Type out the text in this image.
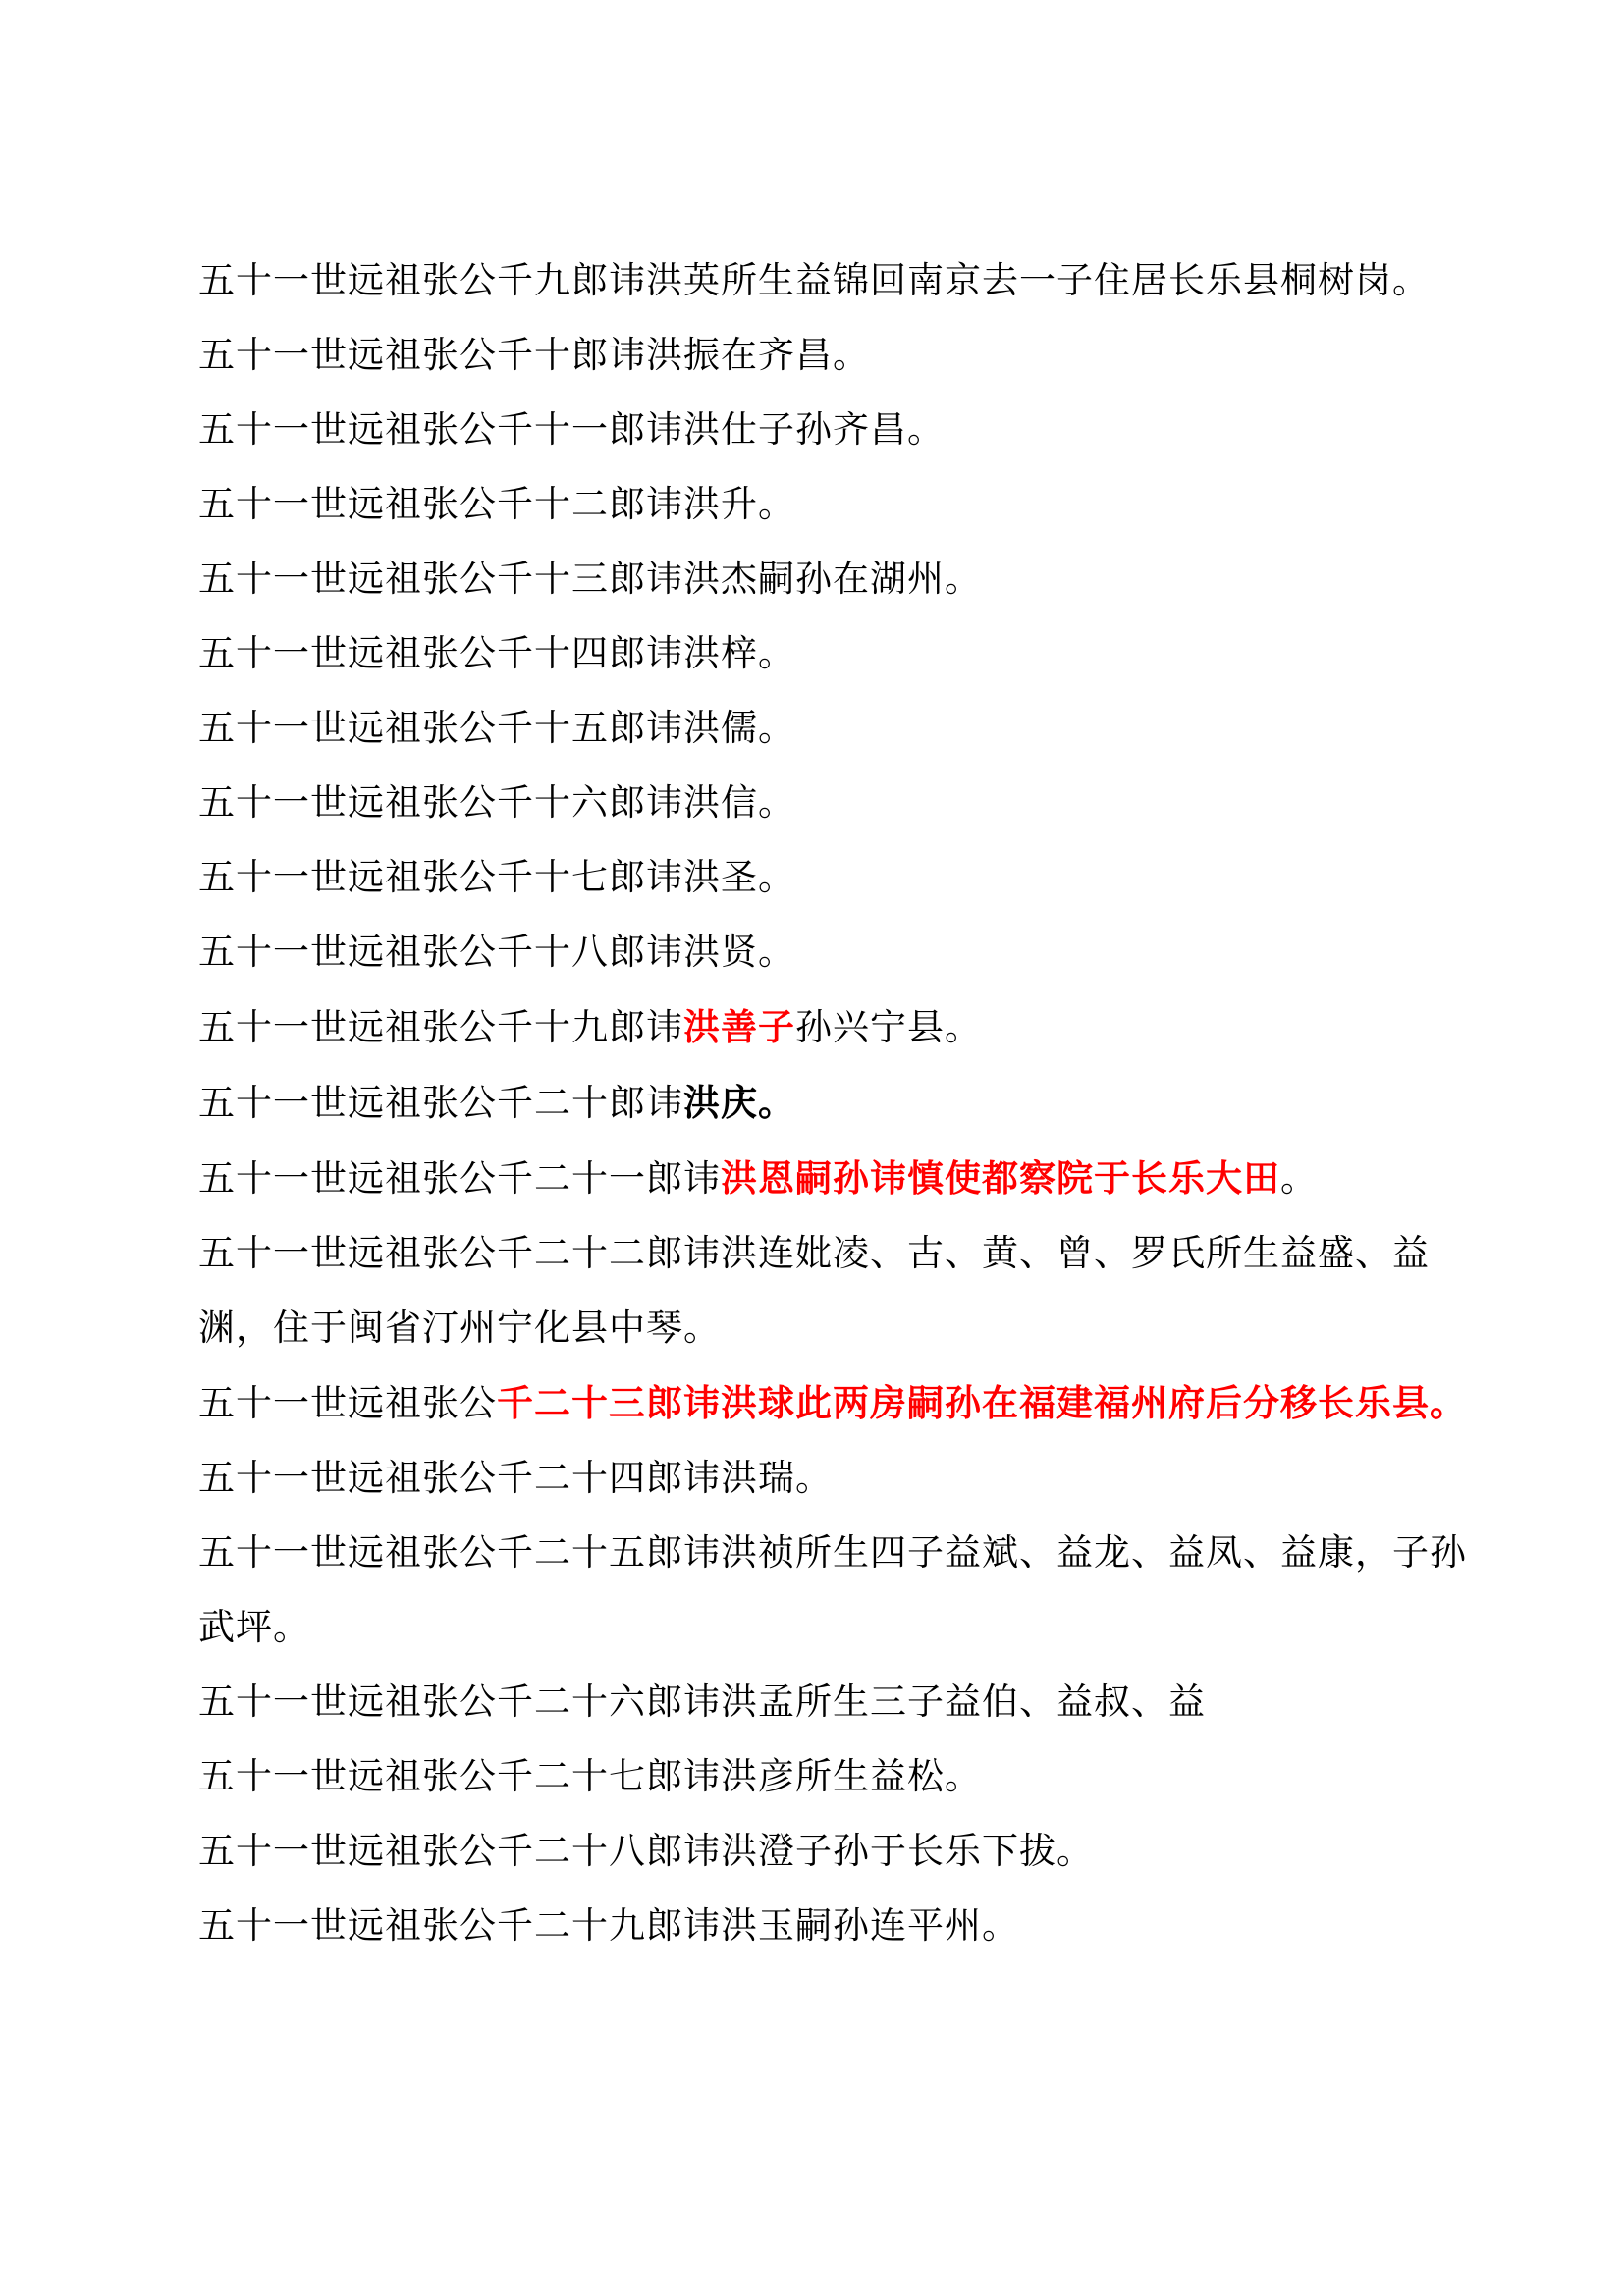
五十一世远祖张公千九郎讳洪英所生益锦回南京去一子住居长乐县桐树岗。
五十一世远祖张公千十郎讳洪振在齐昌。
五十一世远祖张公千十一郎讳洪仕子孙齐昌。
五十一世远祖张公千十二郎讳洪升。
五十一世远祖张公千十三郎讳洪杰嗣孙在湖州。
五十一世远祖张公千十四郎讳洪梓。
五十一世远祖张公千十五郎讳洪儒。
五十一世远祖张公千十六郎讳洪信。
五十一世远祖张公千十七郎讳洪圣。
五十一世远祖张公千十八郎讳洪贤。
五十一世远祖张公千十九郎讳洪善子孙兴宁县。
五十一世远祖张公千二十郎讳洪庆。
五十一世远祖张公千二十一郎讳洪恩嗣孙讳慎使都察院于长乐大田。
五十一世远祖张公千二十二郎讳洪连妣凌、古、黄、曾、罗氏所生益盛、益渊，住于闽省汀州宁化县中琴。
五十一世远祖张公千二十三郎讳洪球此两房嗣孙在福建福州府后分移长乐县。
五十一世远祖张公千二十四郎讳洪瑞。
五十一世远祖张公千二十五郎讳洪祯所生四子益斌、益龙、益凤、益康，子孙武坪。
五十一世远祖张公千二十六郎讳洪孟所生三子益伯、益叔、益
五十一世远祖张公千二十七郎讳洪彦所生益松。
五十一世远祖张公千二十八郎讳洪澄子孙于长乐下拔。
五十一世远祖张公千二十九郎讳洪玉嗣孙连平州。
